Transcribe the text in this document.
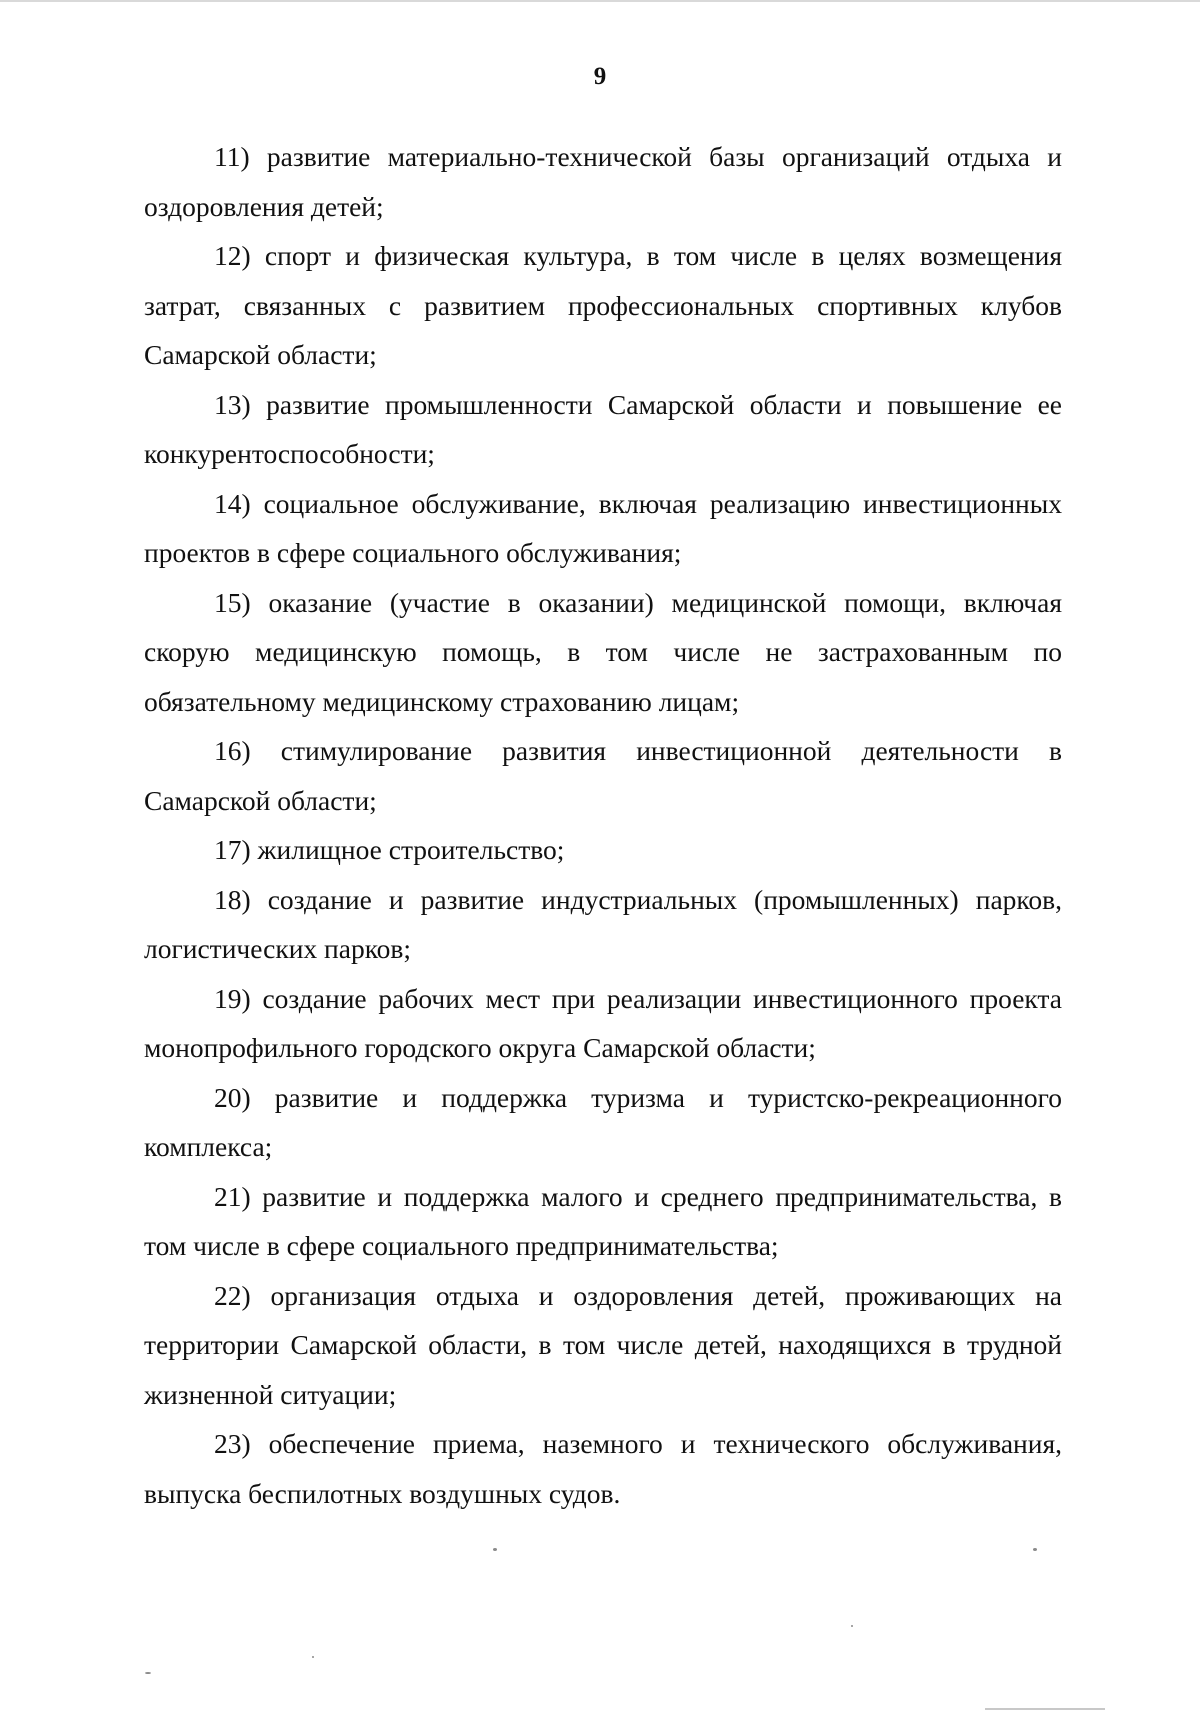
9

11) развитие материально-технической базы организаций отдыха и оздоровления детей;

12) спорт и физическая культура, в том числе в целях возмещения затрат, связанных с развитием профессиональных спортивных клубов Самарской области;

13) развитие промышленности Самарской области и повышение ее конкурентоспособности;

14) социальное обслуживание, включая реализацию инвестиционных проектов в сфере социального обслуживания;

15) оказание (участие в оказании) медицинской помощи, включая скорую медицинскую помощь, в том числе не застрахованным по обязательному медицинскому страхованию лицам;

16) стимулирование развития инвестиционной деятельности в Самарской области;

17) жилищное строительство;

18) создание и развитие индустриальных (промышленных) парков, логистических парков;

19) создание рабочих мест при реализации инвестиционного проекта монопрофильного городского округа Самарской области;

20) развитие и поддержка туризма и туристско-рекреационного комплекса;

21) развитие и поддержка малого и среднего предпринимательства, в том числе в сфере социального предпринимательства;

22) организация отдыха и оздоровления детей, проживающих на территории Самарской области, в том числе детей, находящихся в трудной жизненной ситуации;

23) обеспечение приема, наземного и технического обслуживания, выпуска беспилотных воздушных судов.
